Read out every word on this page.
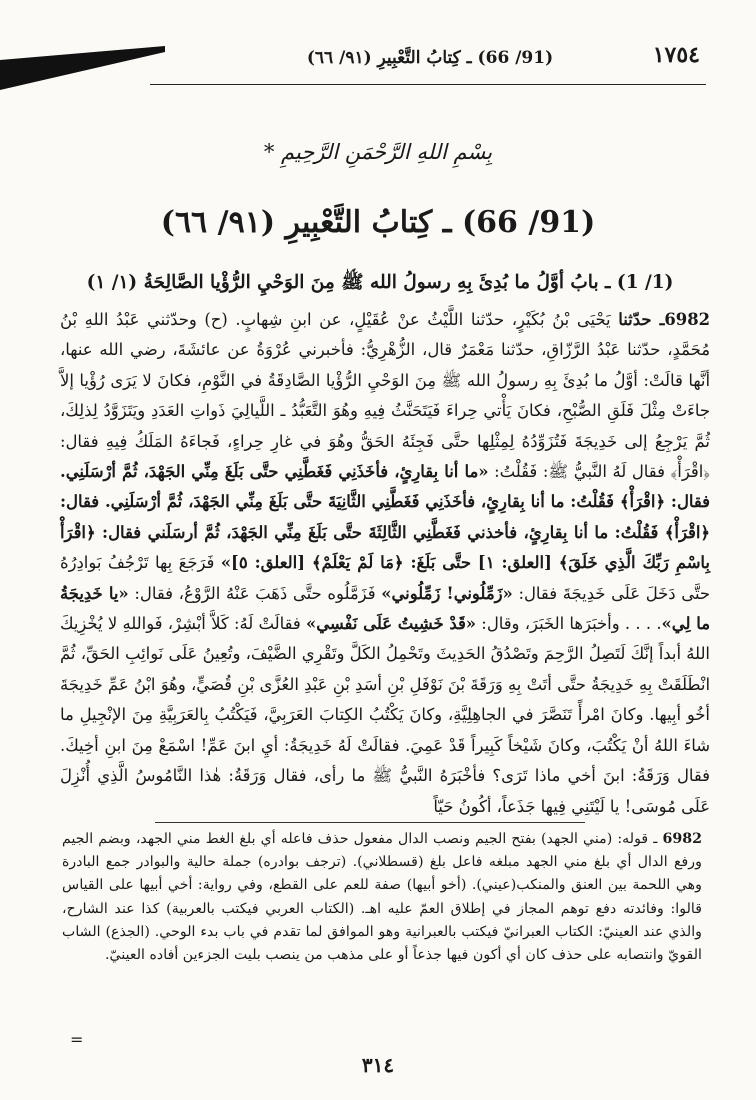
(91/ 66) ـ كِتابُ التَّعْبِيرِ (٩١/ ٦٦)	١٧٥٤
بِسْمِ اللهِ الرَّحْمَنِ الرَّحِيمِ *
(91/ 66) ـ كِتابُ التَّعْبِيرِ (٩١/ ٦٦)
(1/ 1) ـ بابُ أوَّلُ ما بُدِئَ بِهِ رسولُ الله ﷺ مِنَ الوَحْيِ الرُّؤْيا الصَّالِحَةُ (١/ ١)
6982ـ حدّثنا يَحْيَى بْنُ بُكَيْرٍ، حدّثنا اللَّيْثُ عنْ عُقَيْلٍ، عن ابنِ شِهابٍ. (ح) وحدّثني عَبْدُ اللهِ بْنُ مُحَمَّدٍ، حدّثنا عَبْدُ الرَّزّاقِ، حدّثنا مَعْمَرٌ قال، الزُّهْرِيُّ: فأخبرني عُرْوَةُ عن عائشَةَ، رضي الله عنها، أنَّها قالَتْ: أوَّلُ ما بُدِئَ بِهِ رسولُ الله ﷺ مِنَ الوَحْيِ الرُّؤْيا الصَّادِقَةُ في النَّوْمِ، فكانَ لا يَرَى رُؤْيا إلاَّ جاءَتْ مِثْلَ فَلَقِ الصُّبْحِ، فكانَ يَأْتي حِراءَ فَيَتَحَنَّثُ فِيهِ وهُوَ التَّعَبُّدُ ـ اللَّيالِيَ ذَواتِ العَدَدِ ويَتَزَوَّدُ لِذلِكَ، ثُمَّ يَرْجِعُ إلى خَدِيجَةَ فَتُزَوِّدُهُ لِمِثْلِها حتَّى فَجِئَهُ الحَقُّ وهُوَ في غارِ حِراءٍ، فَجاءَهُ المَلَكُ فِيهِ فقال: ﴿اقْرَأْ﴾ فقال لَهُ النَّبيُّ ﷺ: فَقُلْتُ: «ما أنا بِقارِئٍ، فأخَذَنِي فَغَطَّنِي حتَّى بَلَغَ مِنِّي الجَهْدَ، ثُمَّ أرْسَلَنِي. فقال: ﴿اقْرَأْ﴾ فَقُلْتُ: ما أنا بِقارِئٍ، فأخَذَنِي فَغَطَّنِي الثَّانِيَةَ حتَّى بَلَغَ مِنِّي الجَهْدَ، ثُمَّ أرْسَلَنِي. فقال: ﴿اقْرَأْ﴾ فَقُلْتُ: ما أنا بِقارِئٍ، فأخذني فَغَطَّنِي الثَّالِثَةَ حتَّى بَلَغَ مِنِّي الجَهْدَ، ثُمَّ أرسَلَني فقال: ﴿اقْرَأْ بِاسْمِ رَبِّكَ الَّذِي خَلَقَ﴾ [العلق: ١] حتَّى بَلَغَ: ﴿مَا لَمْ يَعْلَمْ﴾ [العلق: ٥]» فَرَجَعَ بِها تَرْجُفُ بَوادِرُهُ حتَّى دَخَلَ عَلَى خَدِيجَةَ فقال: «زَمِّلُوني! زَمِّلُوني» فَزَمَّلُوه حتَّى ذَهَبَ عَنْهُ الرَّوْعُ، فقال: «يا خَدِيجَةُ ما لِي». . . . وأخبَرَها الخَبَرَ، وقال: «قَدْ خَشِيتُ عَلَى نَفْسِي» فقالَتْ لَهُ: كَلاَّ أبْشِرْ، فَواللهِ لا يُخْزِيكَ اللهُ أبداً إنَّكَ لَتَصِلُ الرَّحِمَ وتَصْدُقُ الحَدِيثَ وتَحْمِلُ الكَلَّ وتَقْرِي الضَّيْفَ، وتُعِينُ عَلَى نَوائِبِ الحَقِّ، ثُمَّ انْطَلَقَتْ بِهِ خَدِيجَةُ حتَّى أتَتْ بِهِ وَرَقَةَ بْنَ نَوْفَلِ بْنِ أسَدِ بْنِ عَبْدِ العُزَّى بْنِ قُصَيٍّ، وهُوَ ابْنُ عَمِّ خَدِيجَةَ أخُو أبِيها. وكانَ امْرأً تَنَصَّرَ في الجاهِلِيَّةِ، وكانَ يَكْتُبُ الكِتابَ العَرَبِيَّ، فَيَكْتُبُ بِالعَرَبِيَّةِ مِنَ الإنْجِيلِ ما شاءَ اللهُ أنْ يَكْتُبَ، وكانَ شَيْخاً كَبِيراً قَدْ عَمِيَ. فقالَتْ لَهُ خَدِيجَةُ: أيِ ابنَ عَمِّ! اسْمَعْ مِنَ ابنِ أخِيكَ. فقال وَرَقَةُ: ابنَ أخي ماذا تَرَى؟ فأخْبَرَهُ النَّبيُّ ﷺ ما رأى، فقال وَرَقَةُ: هٰذا النَّامُوسُ الَّذِي أُنْزِلَ عَلَى مُوسَى! يا لَيْتَنِي فِيها جَذَعاً، أكُونُ حَيّاً
6982 ـ قوله: (مني الجهد) بفتح الجيم ونصب الدال مفعول حذف فاعله أي بلغ الغط مني الجهد، وبضم الجيم ورفع الدال أي بلغ مني الجهد مبلغه فاعل بلغ (قسطلاني). (ترجف بوادره) جملة حالية والبوادر جمع البادرة وهي اللحمة بين العنق والمنكب(عيني). (أخو أبيها) صفة للعم على القطع، وفي رواية: أخي أبيها على القياس قالوا: وفائدته دفع توهم المجاز في إطلاق العمّ عليه اهـ. (الكتاب العربي فيكتب بالعربية) كذا عند الشارح، والذي عند العينيّ: الكتاب العبرانيّ فيكتب بالعبرانية وهو الموافق لما تقدم في باب بدء الوحي. (الجذع) الشاب القويّ وانتصابه على حذف كان أي أكون فيها جذعاً أو على مذهب من ينصب بليت الجزءين أفاده العينيّ.
=
٣١٤
